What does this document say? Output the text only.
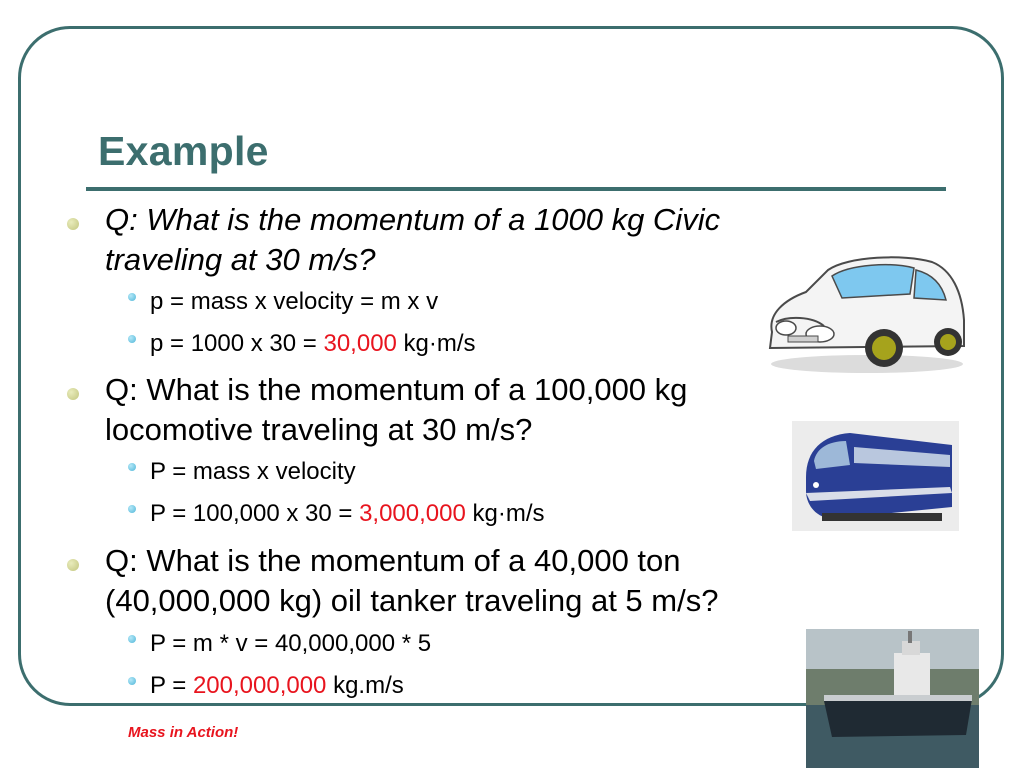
Example

Q: What is the momentum of a 1000 kg Civic

traveling at 30 m/s?

p = mass x velocity = m x v

p = 1000 x 30 = 30,000 kg·m/s

Q: What is the momentum of a 100,000 kg

locomotive traveling at 30 m/s?

P = mass x velocity

P = 100,000 x 30 = 3,000,000 kg·m/s

Q: What is the momentum of a 40,000 ton

(40,000,000 kg) oil tanker traveling at 5 m/s?

P = m * v = 40,000,000 * 5

P = 200,000,000 kg.m/s

Mass in Action!
